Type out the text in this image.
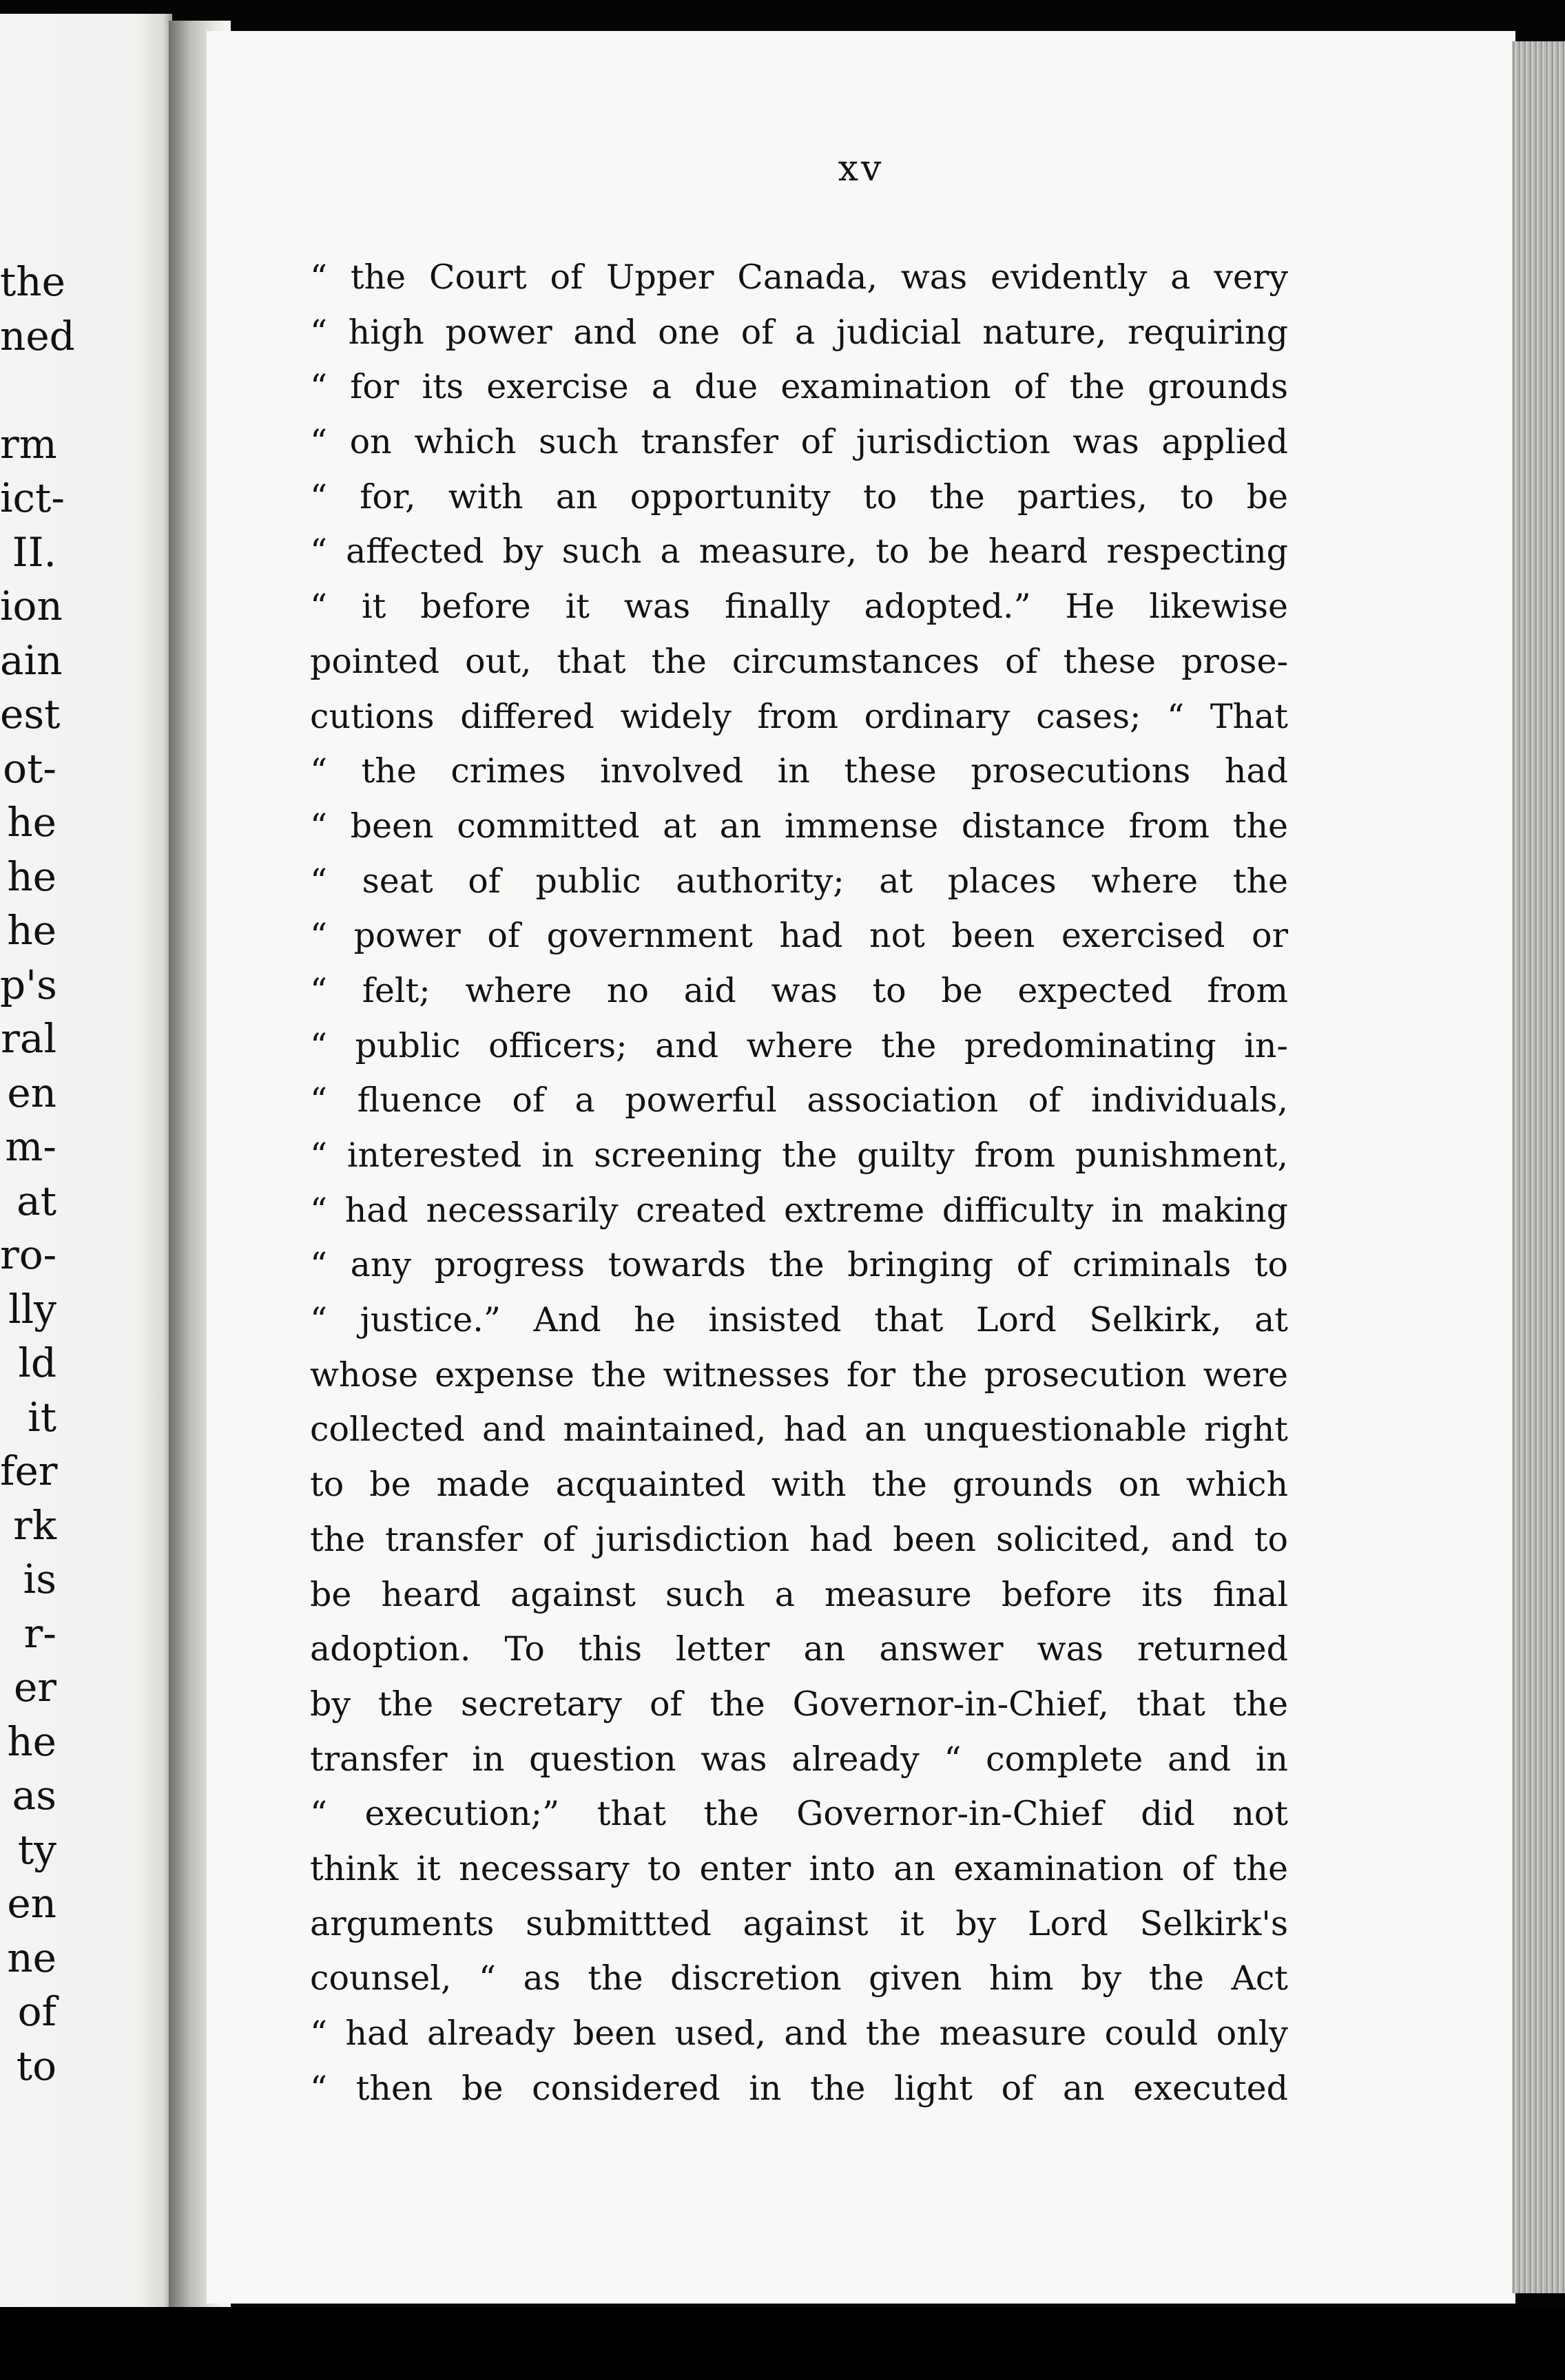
the
ned
rm
ict-
II.
ion
ain
est
ot-
he
he
he
p's
ral
en
m-
at
ro-
lly
ld
it
fer
rk
is
r-
er
he
as
ty
en
ne
of
to

xv

“ the Court of Upper Canada, was evidently a very
“ high power and one of a judicial nature, requiring
“ for its exercise a due examination of the grounds
“ on which such transfer of jurisdiction was applied
“ for, with an opportunity to the parties, to be
“ affected by such a measure, to be heard respecting
“ it before it was finally adopted.” He likewise
pointed out, that the circumstances of these prose-
cutions differed widely from ordinary cases; “ That
“ the crimes involved in these prosecutions had
“ been committed at an immense distance from the
“ seat of public authority; at places where the
“ power of government had not been exercised or
“ felt; where no aid was to be expected from
“ public officers; and where the predominating in-
“ fluence of a powerful association of individuals,
“ interested in screening the guilty from punishment,
“ had necessarily created extreme difficulty in making
“ any progress towards the bringing of criminals to
“ justice.” And he insisted that Lord Selkirk, at
whose expense the witnesses for the prosecution were
collected and maintained, had an unquestionable right
to be made acquainted with the grounds on which
the transfer of jurisdiction had been solicited, and to
be heard against such a measure before its final
adoption. To this letter an answer was returned
by the secretary of the Governor-in-Chief, that the
transfer in question was already “ complete and in
“ execution;” that the Governor-in-Chief did not
think it necessary to enter into an examination of the
arguments submittted against it by Lord Selkirk's
counsel, “ as the discretion given him by the Act
“ had already been used, and the measure could only
“ then be considered in the light of an executed
